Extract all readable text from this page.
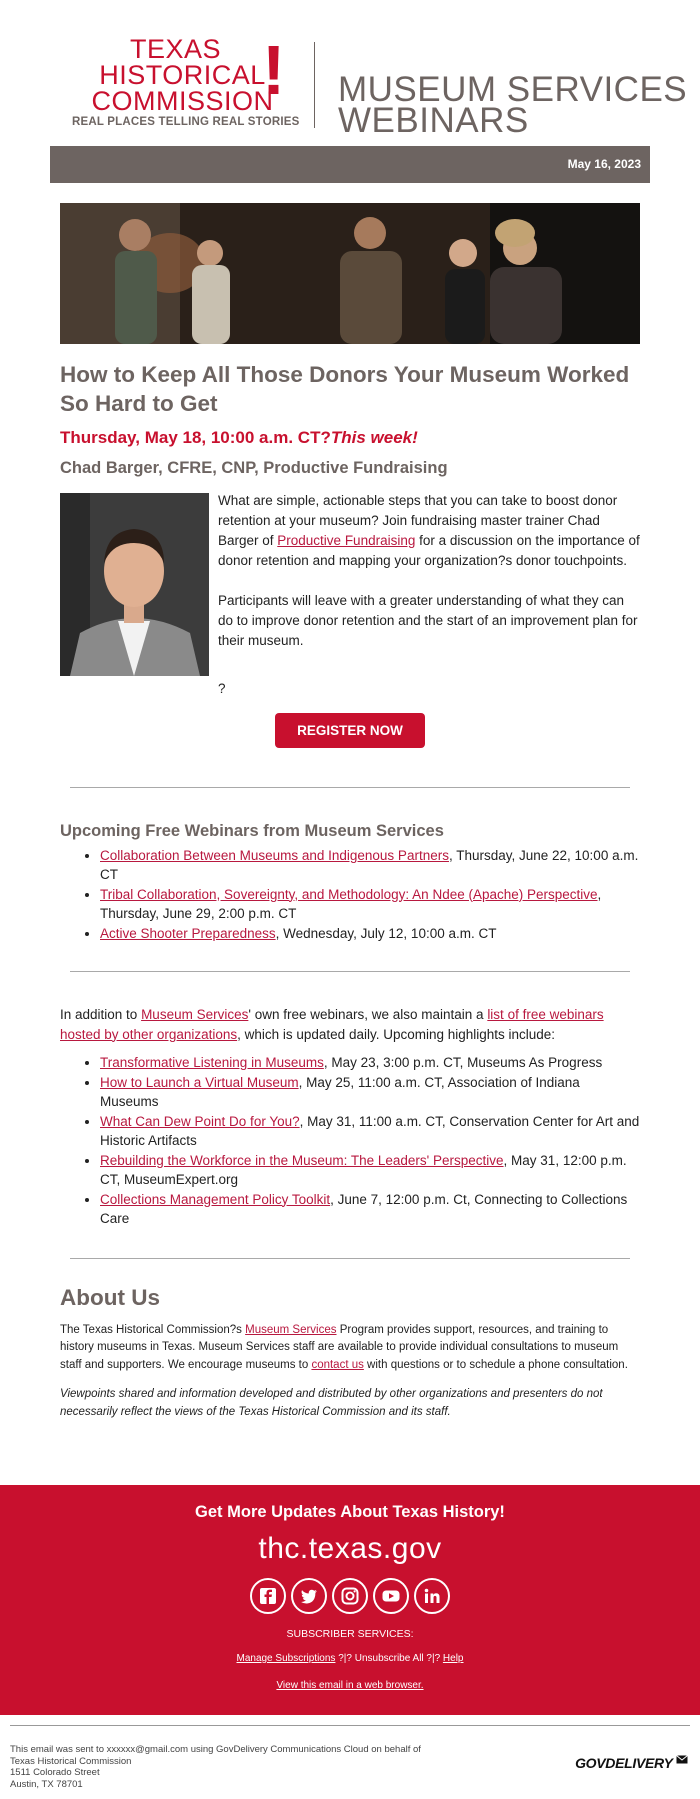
TEXAS
HISTORICAL
COMMISSION
!
REAL PLACES TELLING REAL STORIES
MUSEUM SERVICES
WEBINARS
May 16, 2023
How to Keep All Those Donors Your Museum Worked So Hard to Get
Thursday, May 18, 10:00 a.m. CT?This week!
Chad Barger, CFRE, CNP, Productive Fundraising

What are simple, actionable steps that you can take to boost donor retention at your museum? Join fundraising master trainer Chad Barger of Productive Fundraising for a discussion on the importance of donor retention and mapping your organization?s donor touchpoints.

Participants will leave with a greater understanding of what they can do to improve donor retention and the start of an improvement plan for their museum.

?
REGISTER NOW
Upcoming Free Webinars from Museum Services
• Collaboration Between Museums and Indigenous Partners, Thursday, June 22, 10:00 a.m. CT
• Tribal Collaboration, Sovereignty, and Methodology: An Ndee (Apache) Perspective, Thursday, June 29, 2:00 p.m. CT
• Active Shooter Preparedness, Wednesday, July 12, 10:00 a.m. CT

In addition to Museum Services' own free webinars, we also maintain a list of free webinars hosted by other organizations, which is updated daily. Upcoming highlights include:

• Transformative Listening in Museums, May 23, 3:00 p.m. CT, Museums As Progress
• How to Launch a Virtual Museum, May 25, 11:00 a.m. CT, Association of Indiana Museums
• What Can Dew Point Do for You?, May 31, 11:00 a.m. CT, Conservation Center for Art and Historic Artifacts
• Rebuilding the Workforce in the Museum: The Leaders' Perspective, May 31, 12:00 p.m. CT, MuseumExpert.org
• Collections Management Policy Toolkit, June 7, 12:00 p.m. Ct, Connecting to Collections Care
About Us

The Texas Historical Commission?s Museum Services Program provides support, resources, and training to history museums in Texas. Museum Services staff are available to provide individual consultations to museum staff and supporters. We encourage museums to contact us with questions or to schedule a phone consultation.

Viewpoints shared and information developed and distributed by other organizations and presenters do not necessarily reflect the views of the Texas Historical Commission and its staff.

Get More Updates About Texas History!
thc.texas.gov
SUBSCRIBER SERVICES:
Manage Subscriptions ?|? Unsubscribe All ?|? Help
View this email in a web browser.
This email was sent to xxxxxx@gmail.com using GovDelivery Communications Cloud on behalf of
Texas Historical Commission
1511 Colorado Street
Austin, TX 78701
GOVDELIVERY
